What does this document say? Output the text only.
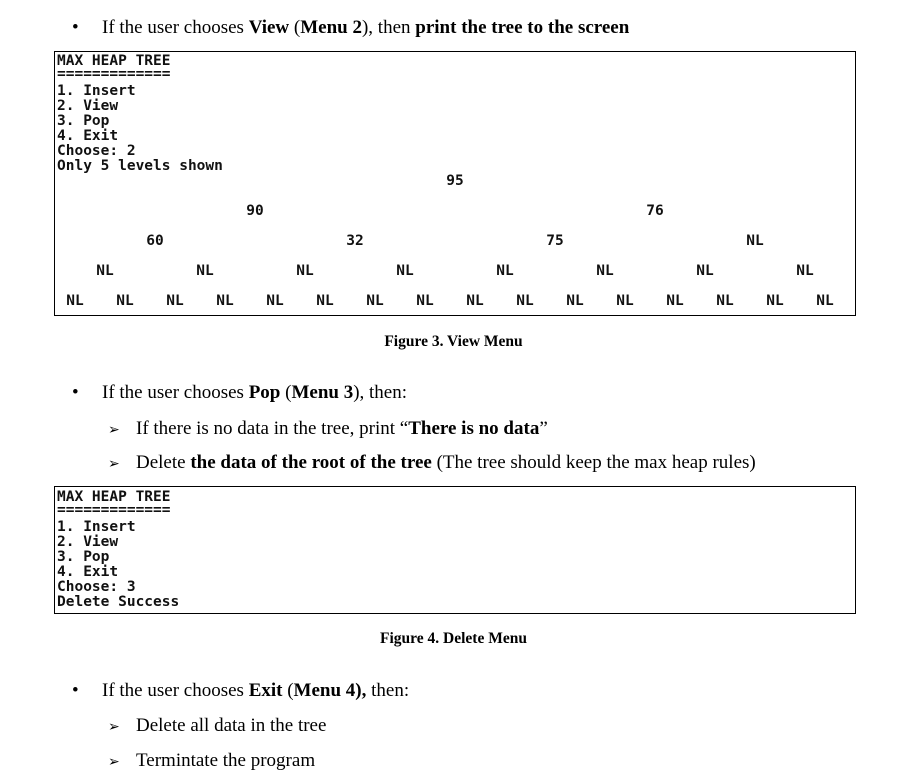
• If the user chooses View (Menu 2), then print the tree to the screen
MAX HEAP TREE
=============
1. Insert
2. View
3. Pop
4. Exit
Choose: 2
Only 5 levels shown
95
90	76
60	32	75	NL
NL	NL	NL	NL	NL	NL	NL	NL
NL NL NL NL NL NL NL NL NL NL NL NL NL NL NL NL
Figure 3. View Menu
• If the user chooses Pop (Menu 3), then:
➢ If there is no data in the tree, print “There is no data”
➢ Delete the data of the root of the tree (The tree should keep the max heap rules)
MAX HEAP TREE
=============
1. Insert
2. View
3. Pop
4. Exit
Choose: 3
Delete Success
Figure 4. Delete Menu
• If the user chooses Exit (Menu 4), then:
➢ Delete all data in the tree
➢ Termintate the program
